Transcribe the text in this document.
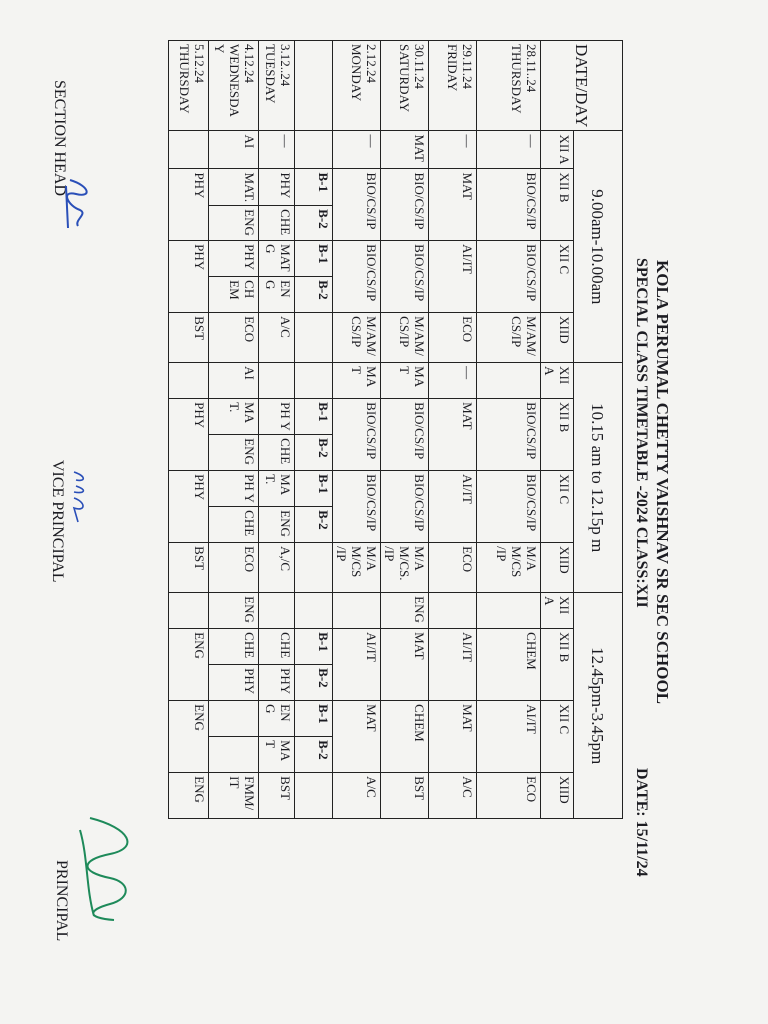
KOLA PERUMAL CHETTY VAISHNAV SR SEC SCHOOL
SPECIAL CLASS TIMETABLE -2024 CLASS:XII
DATE: 15/11/24
DATE/DAY	9.00am-10.00am						10.15 am to 12.15p m						12.45pm-3.45pm					
	XII A	XII B		XII C		XIID	XII A	XII B		XII C		XIID	XII A	XII B		XII C		XIID
28.11..24
THURSDAY	—	BIO/CS/IP		BIO/CS/IP		M/AM/ CS/IP		BIO/CS/IP		BIO/CS/IP		M/A M/CS /IP		CHEM		AI/IT		ECO
29.11.24
FRIDAY	—	MAT		AI/IT		ECO	—	MAT		AI/IT		ECO		AI/IT		MAT		A/C
30.11.24
SATURDAY	MAT	BIO/CS/IP		BIO/CS/IP		M/AM/ CS/IP	MA T	BIO/CS/IP		BIO/CS/IP		M/A M/CS. /IP	ENG	MAT		CHEM		BST
2.12.24
MONDAY	—	BIO/CS/IP		BIO/CS/IP		M/AM/ CS/IP	MA T	BIO/CS/IP		BIO/CS/IP		M/A M/CS /IP		AI/IT		MAT		A/C
		B-1	B-2	B-1	B-2			B-1	B-2	B-1	B-2			B-1	B-2	B-1	B-2	
3.12..24
TUESDAY	—	PHY	CHE	MAT G	EN G	A/C		PH Y	CHE	MA T.	ENG	A,/C		CHE	PHY	EN G	MA T	BST
4.12.24
WEDNESDA Y	AI	MAT.	ENG	PHY	CH EM	ECO	AI	MA T.	ENG	PH Y	CHE	ECO	ENG	CHE	PHY			FMM/ IT
5.12.24
THURSDAY		PHY		PHY		BST		PHY		PHY		BST		ENG		ENG		ENG
SECTION HEAD
VICE PRINCIPAL
PRINCIPAL
